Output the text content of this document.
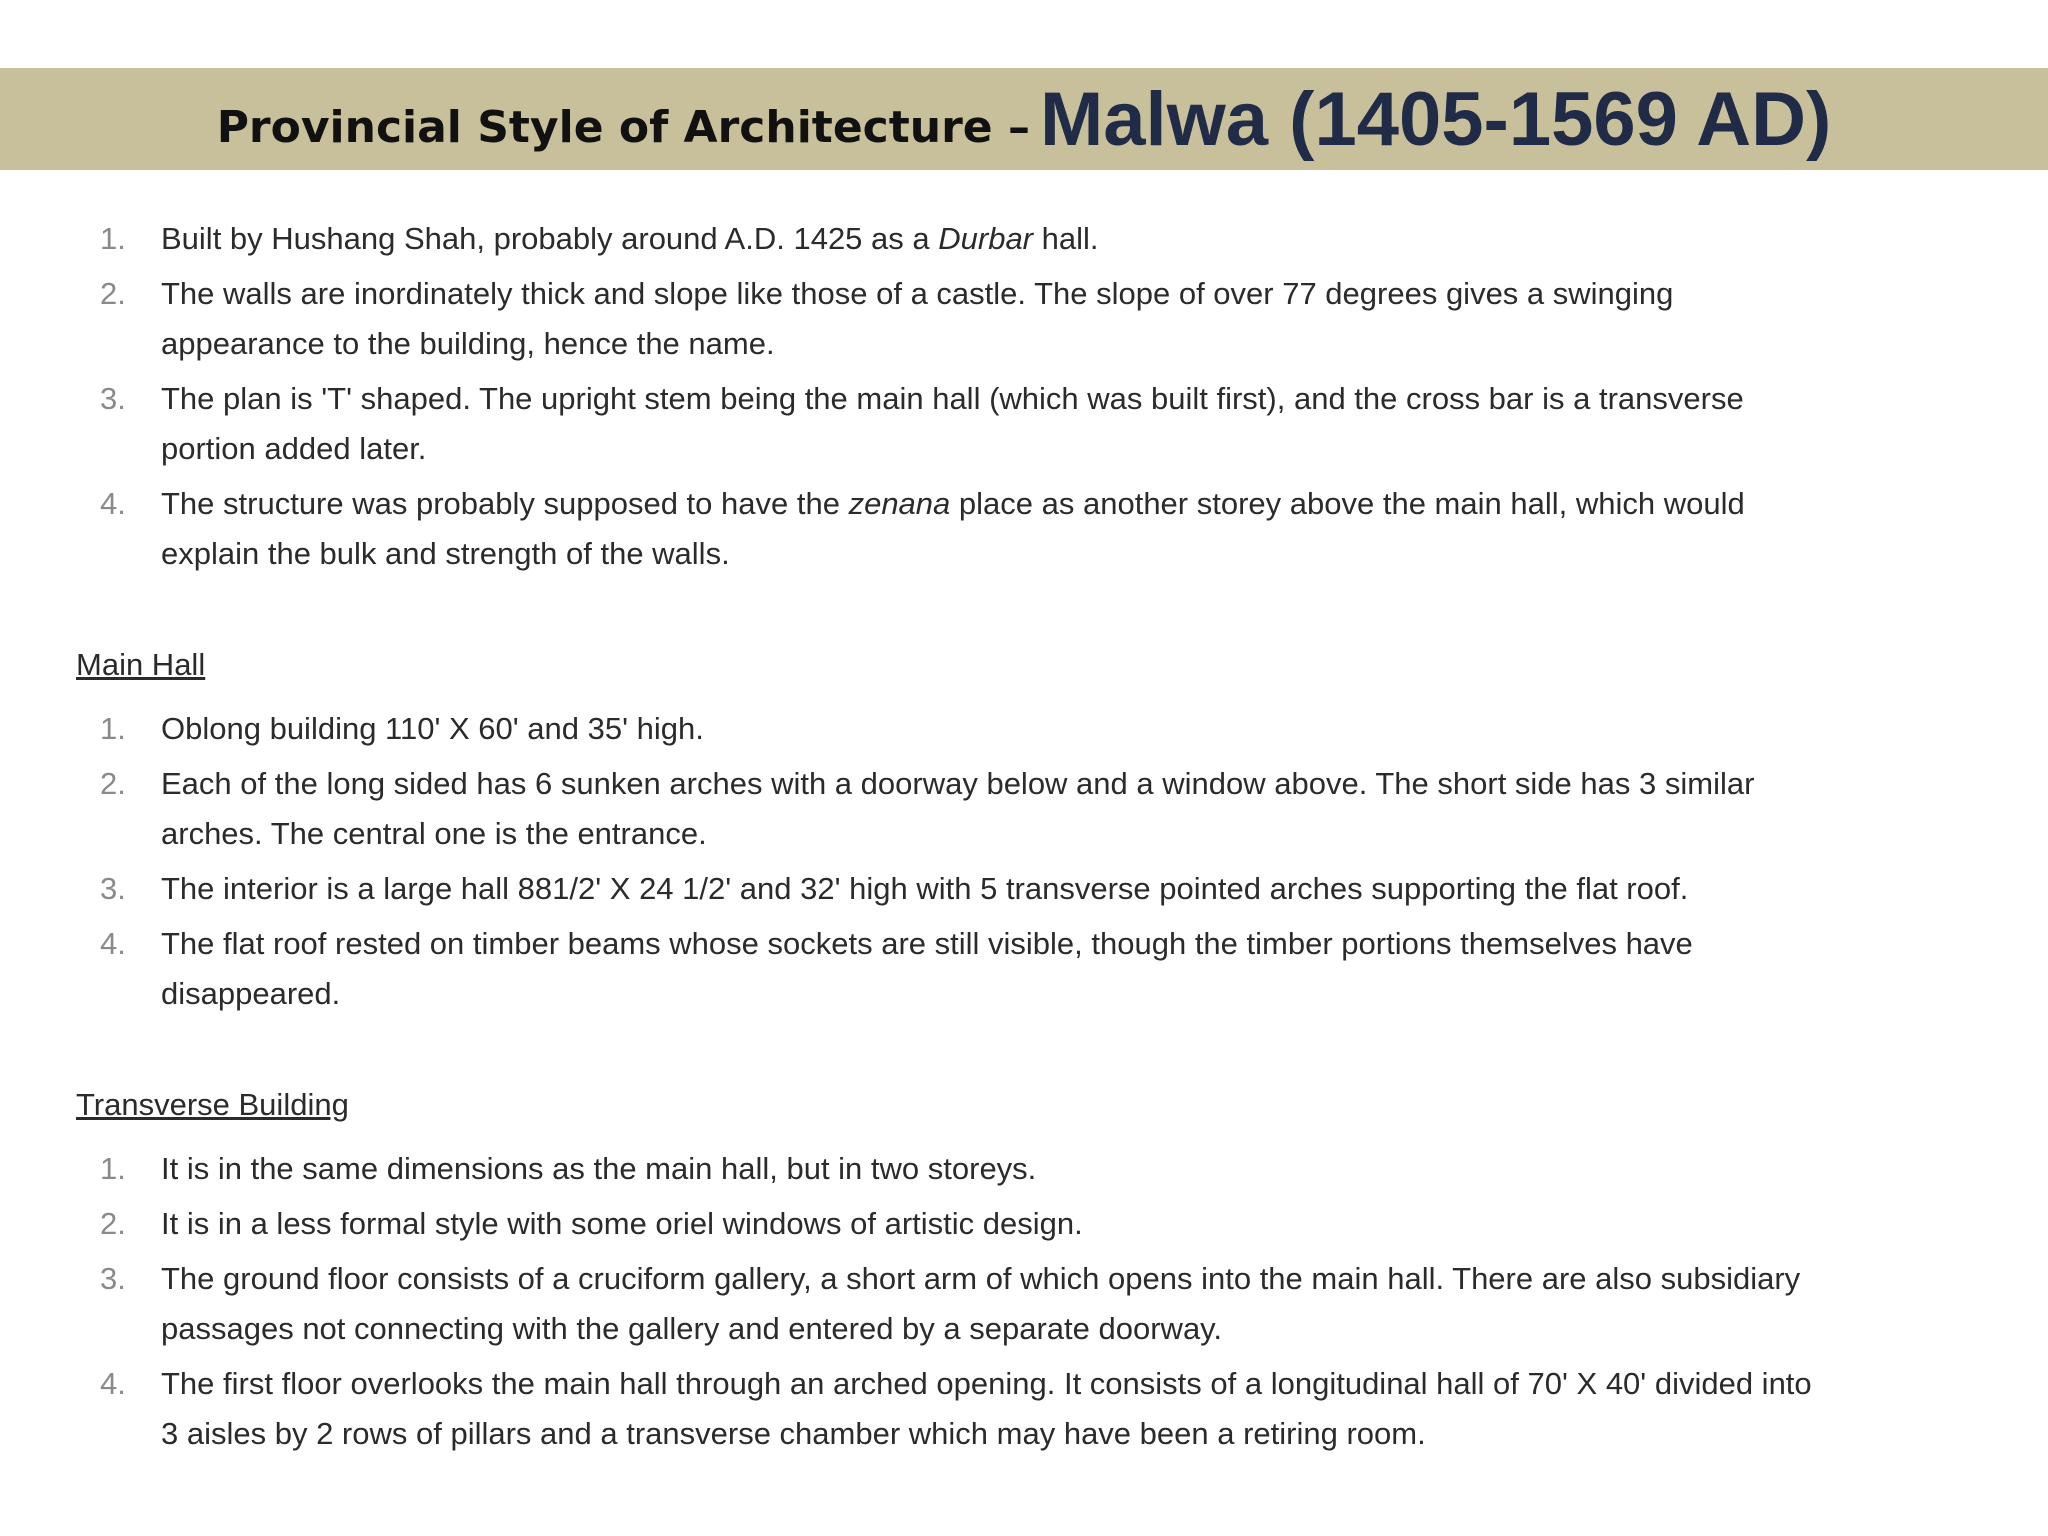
Provincial Style of Architecture – Malwa (1405-1569 AD)
1. Built by Hushang Shah, probably around A.D. 1425 as a Durbar hall.
2. The walls are inordinately thick and slope like those of a castle. The slope of over 77 degrees gives a swinging appearance to the building, hence the name.
3. The plan is 'T' shaped. The upright stem being the main hall (which was built first), and the cross bar is a transverse portion added later.
4. The structure was probably supposed to have the zenana place as another storey above the main hall, which would explain the bulk and strength of the walls.
Main Hall
1. Oblong building 110' X 60' and 35' high.
2. Each of the long sided has 6 sunken arches with a doorway below and a window above. The short side has 3 similar arches. The central one is the entrance.
3. The interior is a large hall 881/2' X 24 1/2' and 32' high with 5 transverse pointed arches supporting the flat roof.
4. The flat roof rested on timber beams whose sockets are still visible, though the timber portions themselves have disappeared.
Transverse Building
1. It is in the same dimensions as the main hall, but in two storeys.
2. It is in a less formal style with some oriel windows of artistic design.
3. The ground floor consists of a cruciform gallery, a short arm of which opens into the main hall. There are also subsidiary passages not connecting with the gallery and entered by a separate doorway.
4. The first floor overlooks the main hall through an arched opening. It consists of a longitudinal hall of 70' X 40' divided into 3 aisles by 2 rows of pillars and a transverse chamber which may have been a retiring room.
